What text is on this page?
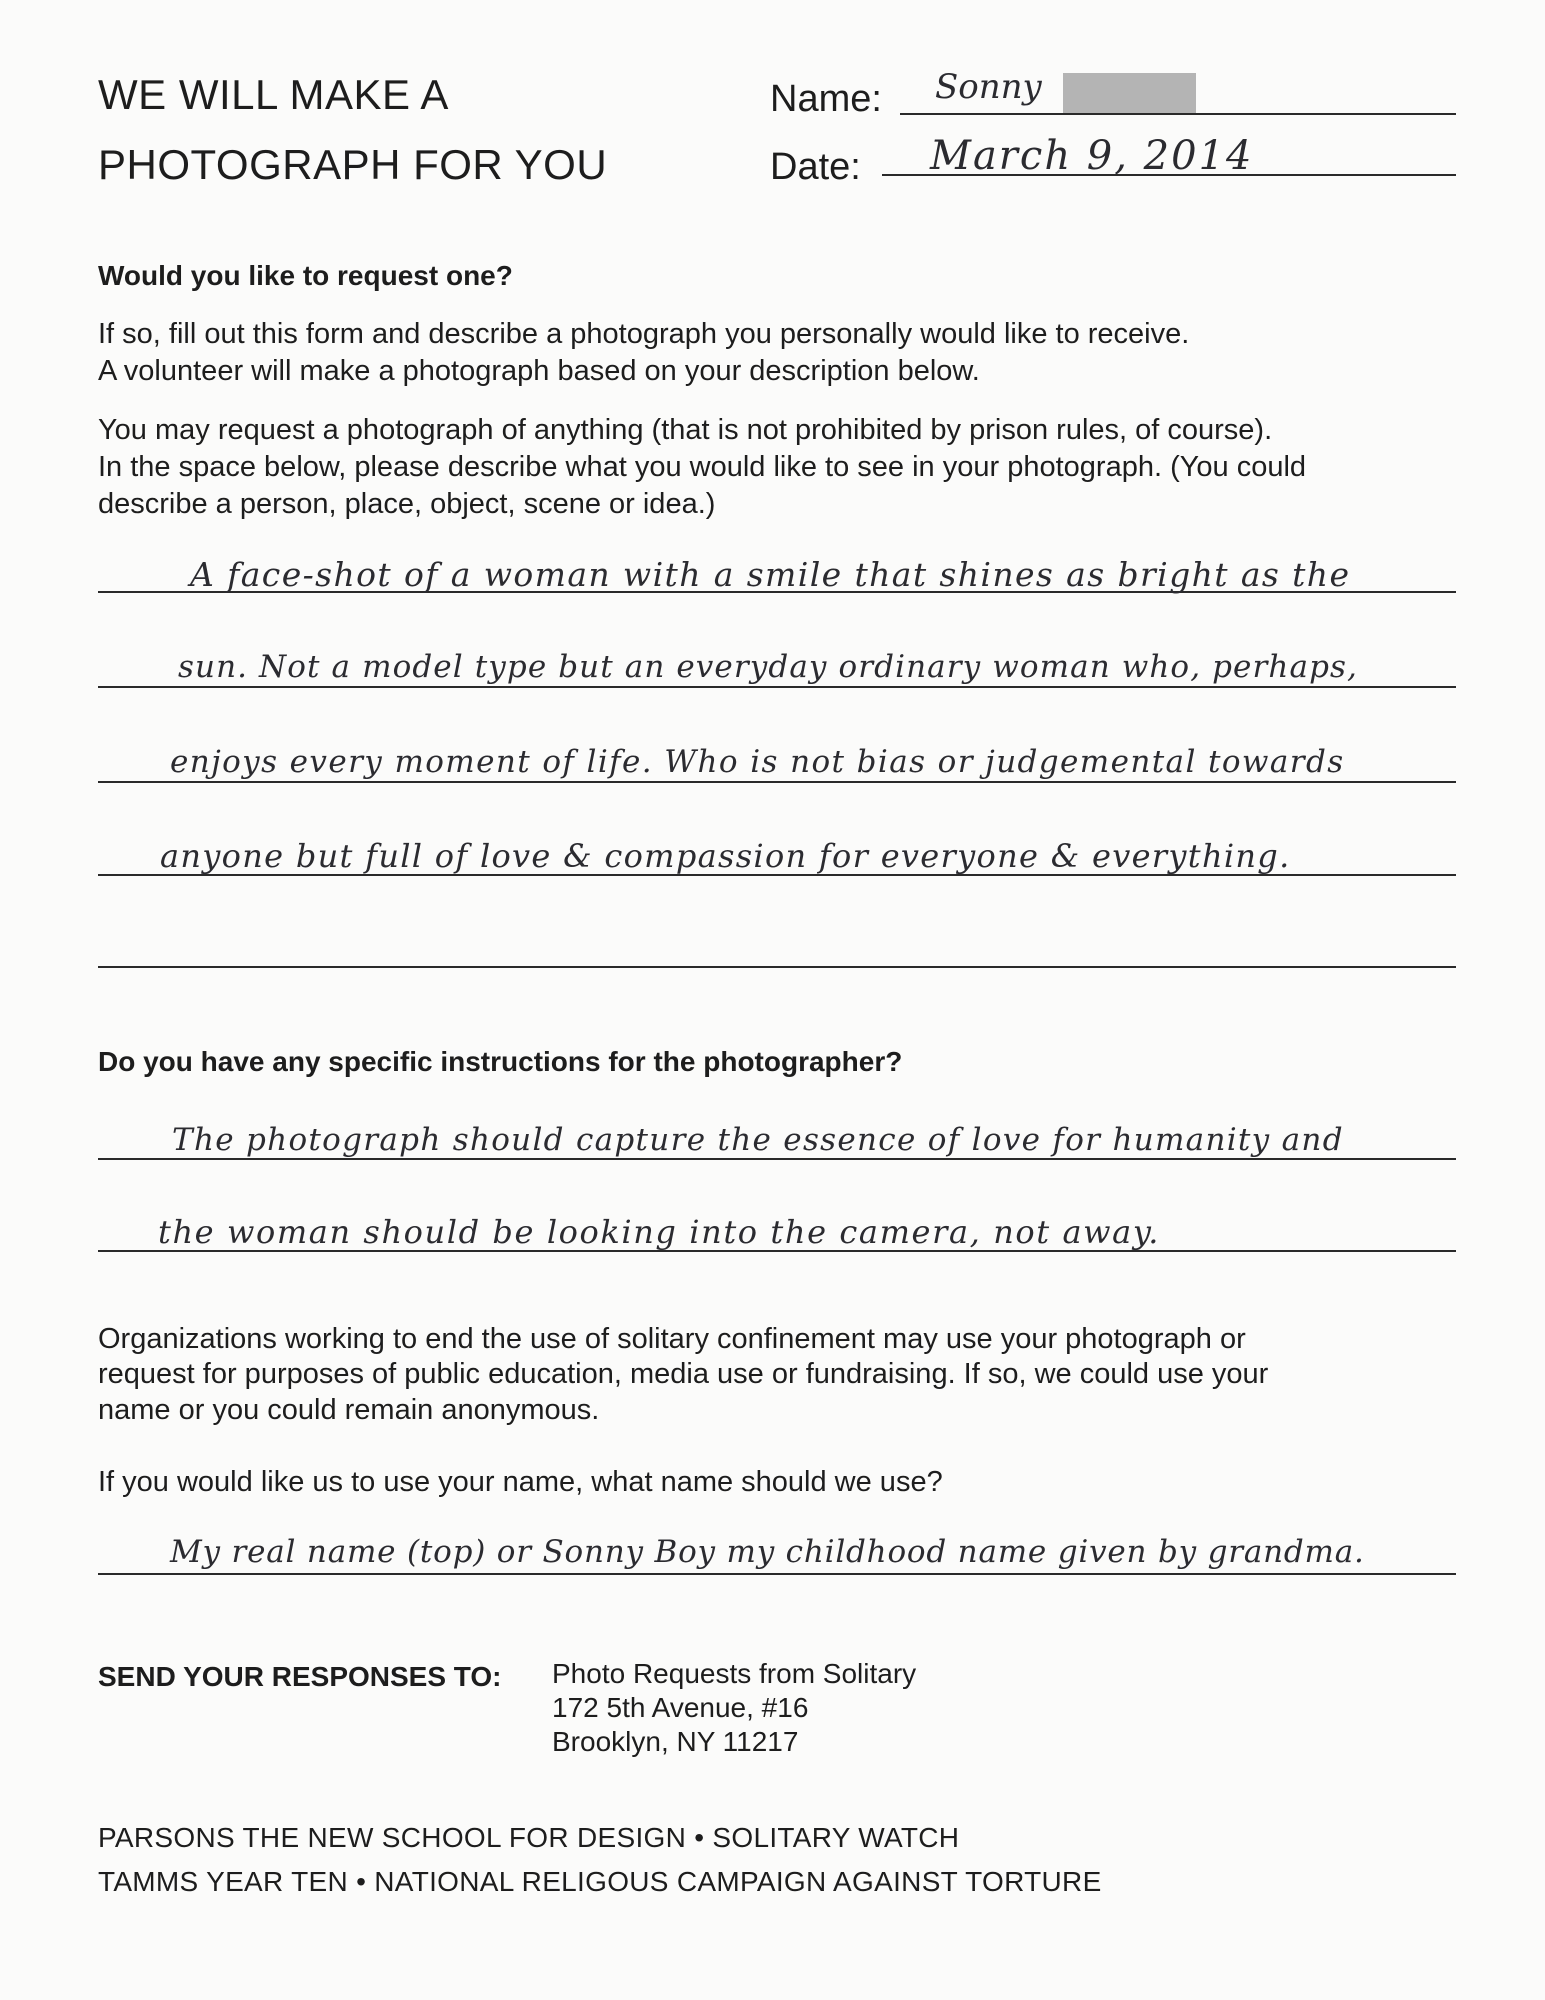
WE WILL MAKE A
PHOTOGRAPH FOR YOU
Name: Sonny
Date: March 9, 2014
Would you like to request one?
If so, fill out this form and describe a photograph you personally would like to receive.
A volunteer will make a photograph based on your description below.
You may request a photograph of anything (that is not prohibited by prison rules, of course).
In the space below, please describe what you would like to see in your photograph. (You could
describe a person, place, object, scene or idea.)
A face-shot of a woman with a smile that shines as bright as the
sun. Not a model type but an everyday ordinary woman who, perhaps,
enjoys every moment of life. Who is not bias or judgemental towards
anyone but full of love & compassion for everyone & everything.
Do you have any specific instructions for the photographer?
The photograph should capture the essence of love for humanity and
the woman should be looking into the camera, not away.
Organizations working to end the use of solitary confinement may use your photograph or
request for purposes of public education, media use or fundraising. If so, we could use your
name or you could remain anonymous.
If you would like us to use your name, what name should we use?
My real name (top) or Sonny Boy my childhood name given by grandma.
SEND YOUR RESPONSES TO: Photo Requests from Solitary
172 5th Avenue, #16
Brooklyn, NY 11217
PARSONS THE NEW SCHOOL FOR DESIGN • SOLITARY WATCH
TAMMS YEAR TEN • NATIONAL RELIGOUS CAMPAIGN AGAINST TORTURE
